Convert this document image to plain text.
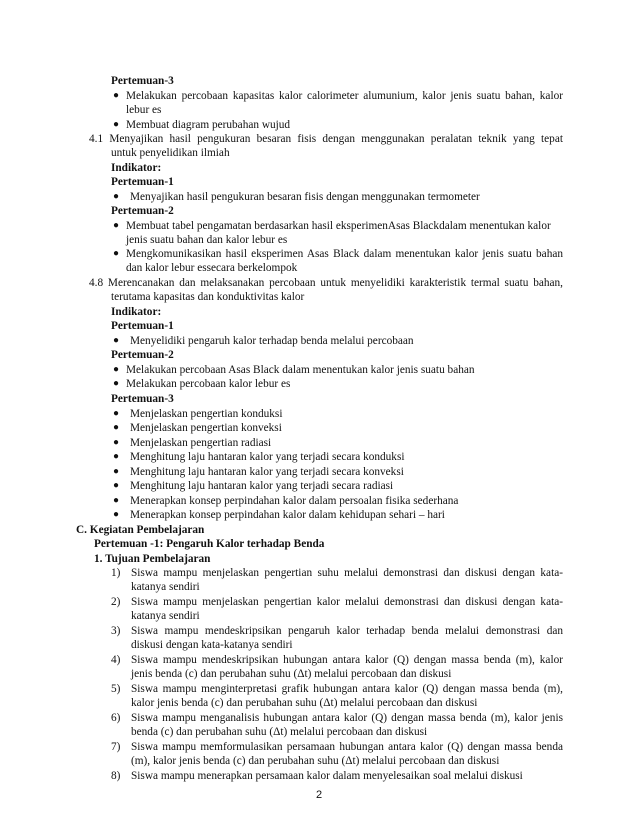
Pertemuan-3
● Melakukan percobaan kapasitas kalor calorimeter alumunium, kalor jenis suatu bahan, kalor
lebur es
● Membuat diagram perubahan wujud
4.1 Menyajikan hasil pengukuran besaran fisis dengan menggunakan peralatan teknik yang tepat
untuk penyelidikan ilmiah
Indikator:
Pertemuan-1
● Menyajikan hasil pengukuran besaran fisis dengan menggunakan termometer
Pertemuan-2
● Membuat tabel pengamatan berdasarkan hasil eksperimenAsas Blackdalam menentukan kalor
jenis suatu bahan dan kalor lebur es
● Mengkomunikasikan hasil eksperimen Asas Black dalam menentukan kalor jenis suatu bahan
dan kalor lebur essecara berkelompok
4.8 Merencanakan dan melaksanakan percobaan untuk menyelidiki karakteristik termal suatu bahan,
terutama kapasitas dan konduktivitas kalor
Indikator:
Pertemuan-1
● Menyelidiki pengaruh kalor terhadap benda melalui percobaan
Pertemuan-2
● Melakukan percobaan Asas Black dalam menentukan kalor jenis suatu bahan
● Melakukan percobaan kalor lebur es
Pertemuan-3
● Menjelaskan pengertian konduksi
● Menjelaskan pengertian konveksi
● Menjelaskan pengertian radiasi
● Menghitung laju hantaran kalor yang terjadi secara konduksi
● Menghitung laju hantaran kalor yang terjadi secara konveksi
● Menghitung laju hantaran kalor yang terjadi secara radiasi
● Menerapkan konsep perpindahan kalor dalam persoalan fisika sederhana
● Menerapkan konsep perpindahan kalor dalam kehidupan sehari – hari
C. Kegiatan Pembelajaran
Pertemuan -1: Pengaruh Kalor terhadap Benda
1. Tujuan Pembelajaran
1) Siswa mampu menjelaskan pengertian suhu melalui demonstrasi dan diskusi dengan kata-
katanya sendiri
2) Siswa mampu menjelaskan pengertian kalor melalui demonstrasi dan diskusi dengan kata-
katanya sendiri
3) Siswa mampu mendeskripsikan pengaruh kalor terhadap benda melalui demonstrasi dan
diskusi dengan kata-katanya sendiri
4) Siswa mampu mendeskripsikan hubungan antara kalor (Q) dengan massa benda (m), kalor
jenis benda (c) dan perubahan suhu (Δt) melalui percobaan dan diskusi
5) Siswa mampu menginterpretasi grafik hubungan antara kalor (Q) dengan massa benda (m),
kalor jenis benda (c) dan perubahan suhu (Δt) melalui percobaan dan diskusi
6) Siswa mampu menganalisis hubungan antara kalor (Q) dengan massa benda (m), kalor jenis
benda (c) dan perubahan suhu (Δt) melalui percobaan dan diskusi
7) Siswa mampu memformulasikan persamaan hubungan antara kalor (Q) dengan massa benda
(m), kalor jenis benda (c) dan perubahan suhu (Δt) melalui percobaan dan diskusi
8) Siswa mampu menerapkan persamaan kalor dalam menyelesaikan soal melalui diskusi
2
